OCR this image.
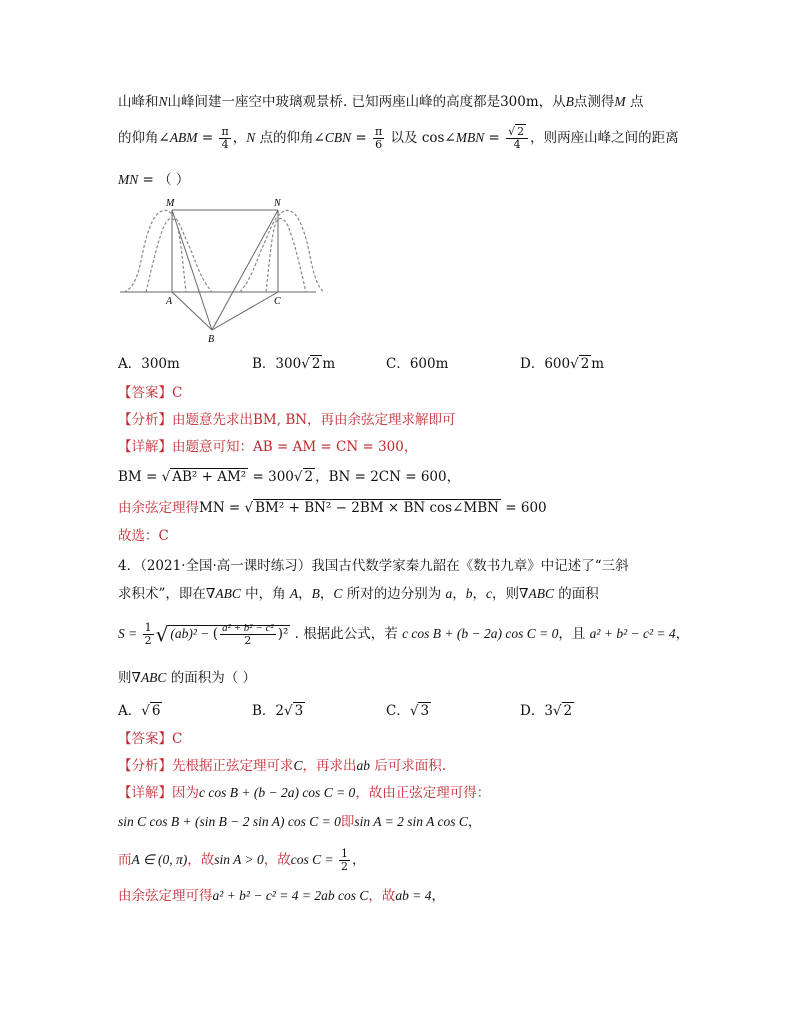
山峰和N山峰间建一座空中玻璃观景桥. 已知两座山峰的高度都是300m，从B点测得M 点
的仰角∠ABM = $\frac{\pi}{4}$ ，N 点的仰角∠CBN = $\frac{\pi}{6}$ 以及 cos∠MBN = $\frac{√ 2}{4}$ ，则两座山峰之间的距离
MN = （ ）
M	N
A	C
B
A．300m	B．300√ 2 m	C．600m	D．600√ 2 m
【答案】C
【分析】由题意先求出BM, BN，再由余弦定理求解即可
【详解】由题意可知：AB = AM = CN = 300，
BM = √ AB² + AM² = 300√ 2 ，BN = 2CN = 600，
由余弦定理得MN = √ BM² + BN² − 2BM × BN cos∠MBN = 600
故选：C
4．（2021·全国·高一课时练习）我国古代数学家秦九韶在《数书九章》中记述了“三斜
求积术”，即在∇ABC 中，角 A，B，C 所对的边分别为 a，b，c，则∇ABC 的面积
$S = \frac{1}{2}$ √ (ab)² − ( $\frac{\text{a² + b² − c²}}{2} )^2$ . 根据此公式，若 c cos B + (b − 2a) cos C = 0，且 a² + b² − c² = 4，
则∇ABC 的面积为（ ）
A．√ 6	B．2√ 3	C．√ 3	D．3√ 2
【答案】C
【分析】先根据正弦定理可求C，再求出ab 后可求面积.
【详解】因为c cos B + (b − 2a) cos C = 0，故由正弦定理可得：
sin C cos B + (sin B − 2 sin A) cos C = 0即sin A = 2 sin A cos C，
而A ∈ (0, π)，故sin A > 0，故$\cos C = \frac{1}{2}$ ，
由余弦定理可得a² + b² − c² = 4 = 2ab cos C，故ab = 4，
